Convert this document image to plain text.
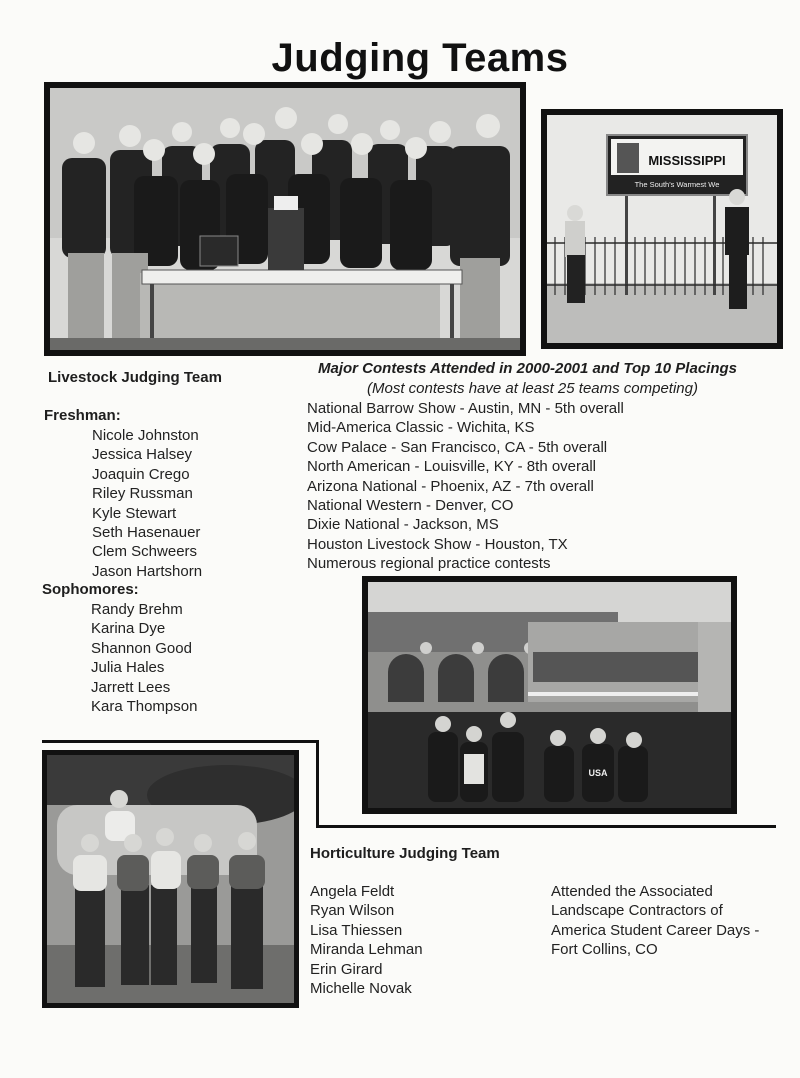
Judging Teams
MISSISSIPPI
The South's Warmest We
Livestock Judging Team
Freshman:
Nicole Johnston
Jessica Halsey
Joaquin Crego
Riley Russman
Kyle Stewart
Seth Hasenauer
Clem Schweers
Jason Hartshorn
Sophomores:
Randy Brehm
Karina Dye
Shannon Good
Julia Hales
Jarrett Lees
Kara Thompson
Major Contests Attended in 2000-2001 and Top 10 Placings
(Most contests have at least 25 teams competing)
National Barrow Show - Austin, MN - 5th overall
Mid-America Classic - Wichita, KS
Cow Palace - San Francisco, CA - 5th overall
North American - Louisville, KY - 8th overall
Arizona National - Phoenix, AZ - 7th overall
National Western - Denver, CO
Dixie National - Jackson, MS
Houston Livestock Show - Houston, TX
Numerous regional practice contests
USA
Horticulture Judging Team
Angela Feldt
Ryan Wilson
Lisa Thiessen
Miranda Lehman
Erin Girard
Michelle Novak
Attended the Associated Landscape Contractors of America Student Career Days - Fort Collins, CO
